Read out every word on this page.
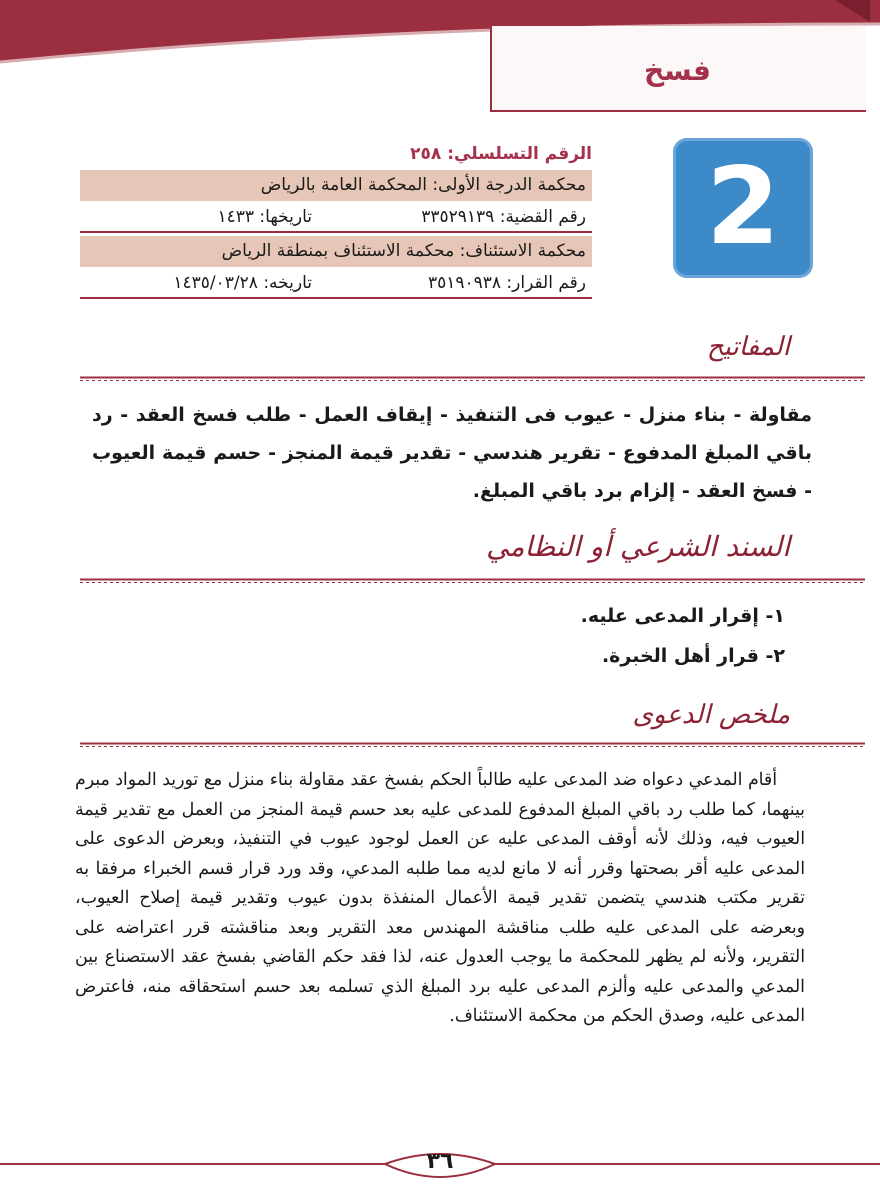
فسخ
2
الرقم التسلسلي: ٢٥٨
محكمة الدرجة الأولى: المحكمة العامة بالرياض
رقم القضية: ٣٣٥٢٩١٣٩
تاريخها: ١٤٣٣
محكمة الاستئناف: محكمة الاستئناف بمنطقة الرياض
رقم القرار: ٣٥١٩٠٩٣٨
تاريخه: ١٤٣٥/٠٣/٢٨
المفاتيح
مقاولة - بناء منزل - عيوب فى التنفيذ - إيقاف العمل - طلب فسخ العقد - رد باقي المبلغ المدفوع - تقرير هندسي - تقدير قيمة المنجز - حسم قيمة العيوب - فسخ العقد - إلزام برد باقي المبلغ.
السند الشرعي أو النظامي
١- إقرار المدعى عليه.
٢- قرار أهل الخبرة.
ملخص الدعوى

أقام المدعي دعواه ضد المدعى عليه طالباً الحكم بفسخ عقد مقاولة بناء منزل مع توريد المواد مبرم بينهما، كما طلب رد باقي المبلغ المدفوع للمدعى عليه بعد حسم قيمة المنجز من العمل مع تقدير قيمة العيوب فيه، وذلك لأنه أوقف المدعى عليه عن العمل لوجود عيوب في التنفيذ، وبعرض الدعوى على المدعى عليه أقر بصحتها وقرر أنه لا مانع لديه مما طلبه المدعي، وقد ورد قرار قسم الخبراء مرفقا به تقرير مكتب هندسي يتضمن تقدير قيمة الأعمال المنفذة بدون عيوب وتقدير قيمة إصلاح العيوب، وبعرضه على المدعى عليه طلب مناقشة المهندس معد التقرير وبعد مناقشته قرر اعتراضه على التقرير، ولأنه لم يظهر للمحكمة ما يوجب العدول عنه، لذا فقد حكم القاضي بفسخ عقد الاستصناع بين المدعي والمدعى عليه وألزم المدعى عليه برد المبلغ الذي تسلمه بعد حسم استحقاقه منه، فاعترض المدعى عليه، وصدق الحكم من محكمة الاستئناف.

٣٦
